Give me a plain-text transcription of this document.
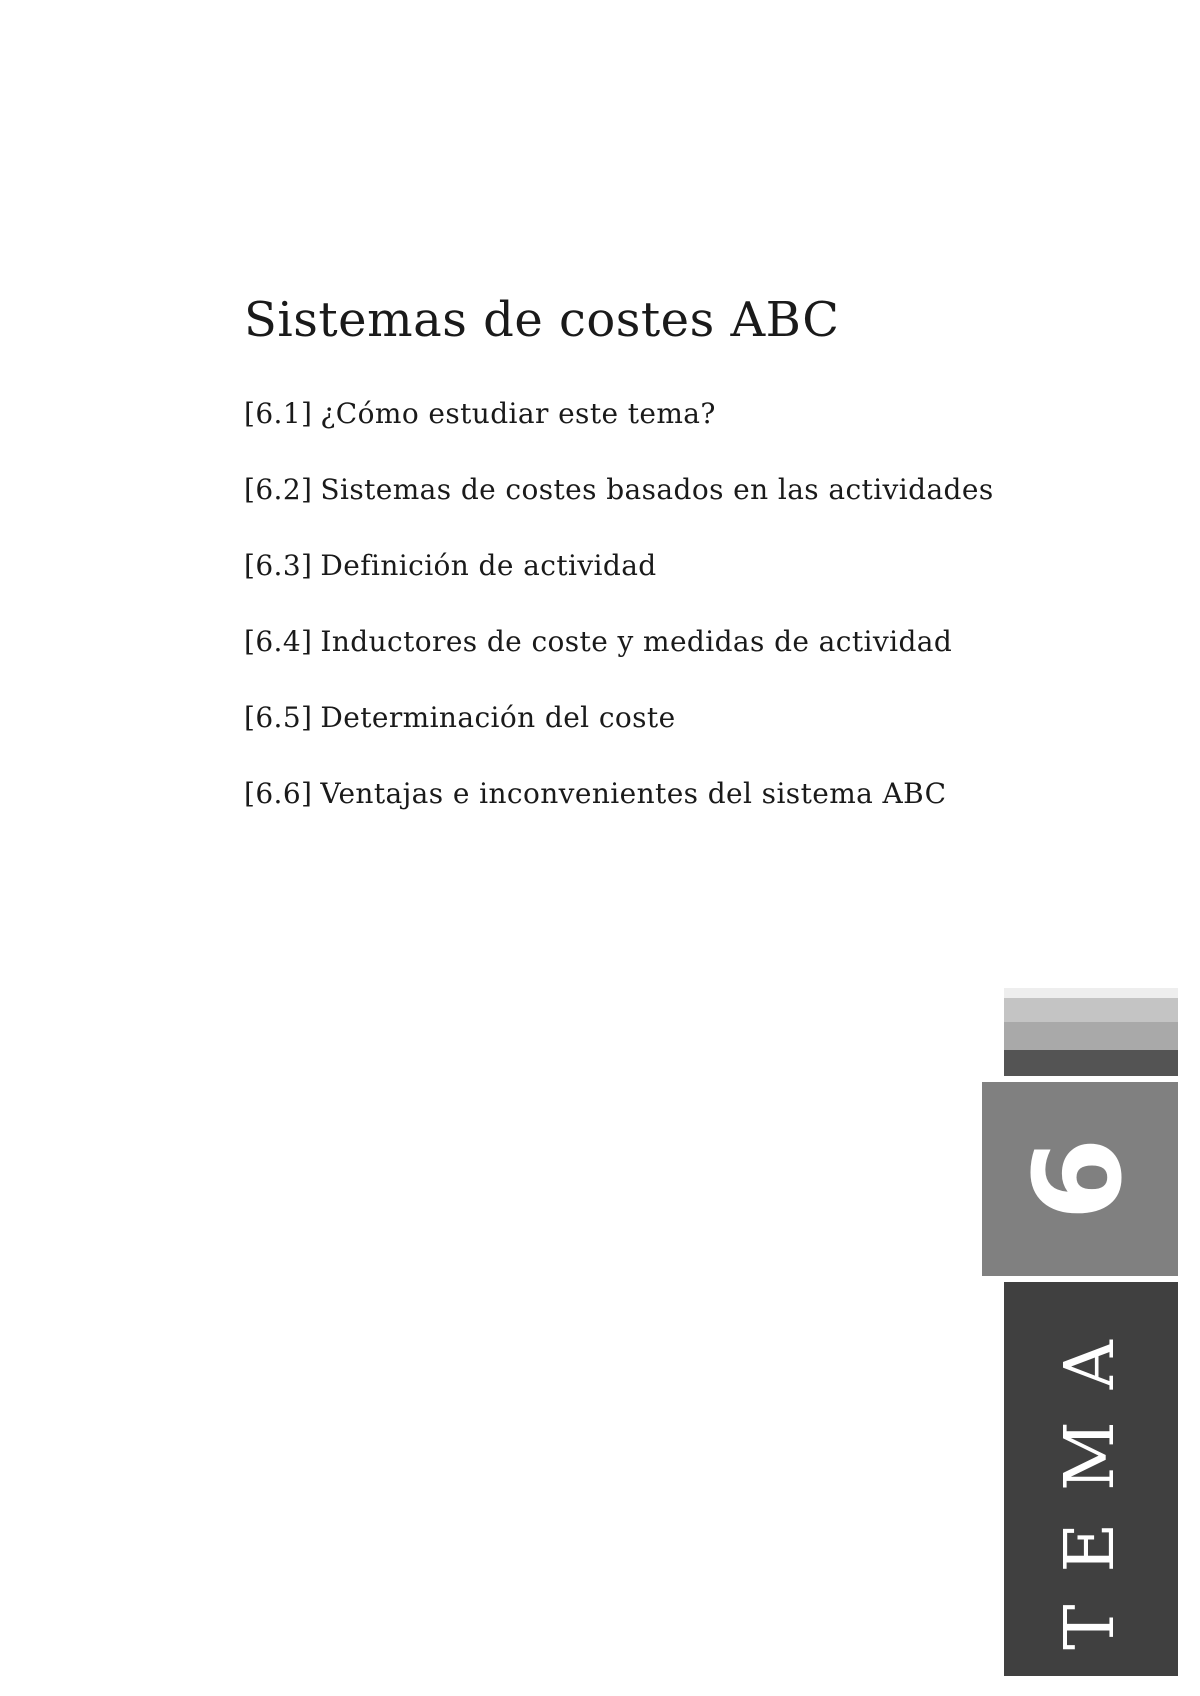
Sistemas de costes ABC
[6.1] ¿Cómo estudiar este tema?
[6.2] Sistemas de costes basados en las actividades
[6.3] Definición de actividad
[6.4] Inductores de coste y medidas de actividad
[6.5] Determinación del coste
[6.6] Ventajas e inconvenientes del sistema ABC
6
TEMA
